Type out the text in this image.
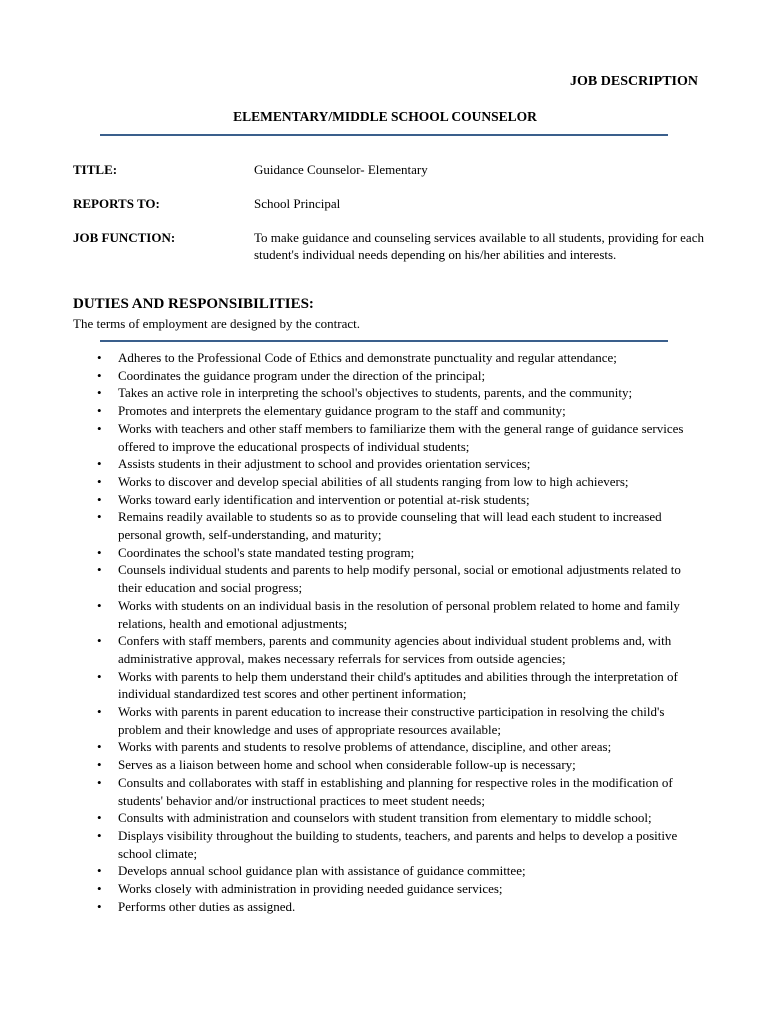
JOB DESCRIPTION
ELEMENTARY/MIDDLE SCHOOL COUNSELOR
TITLE:	Guidance Counselor- Elementary
REPORTS TO:	School Principal
JOB FUNCTION:	To make guidance and counseling services available to all students, providing for each student's individual needs depending on his/her abilities and interests.
DUTIES AND RESPONSIBILITIES:
The terms of employment are designed by the contract.
• Adheres to the Professional Code of Ethics and demonstrate punctuality and regular attendance;
• Coordinates the guidance program under the direction of the principal;
• Takes an active role in interpreting the school's objectives to students, parents, and the community;
• Promotes and interprets the elementary guidance program to the staff and community;
• Works with teachers and other staff members to familiarize them with the general range of guidance services offered to improve the educational prospects of individual students;
• Assists students in their adjustment to school and provides orientation services;
• Works to discover and develop special abilities of all students ranging from low to high achievers;
• Works toward early identification and intervention or potential at-risk students;
• Remains readily available to students so as to provide counseling that will lead each student to increased personal growth, self-understanding, and maturity;
• Coordinates the school's state mandated testing program;
• Counsels individual students and parents to help modify personal, social or emotional adjustments related to their education and social progress;
• Works with students on an individual basis in the resolution of personal problem related to home and family relations, health and emotional adjustments;
• Confers with staff members, parents and community agencies about individual student problems and, with administrative approval, makes necessary referrals for services from outside agencies;
• Works with parents to help them understand their child's aptitudes and abilities through the interpretation of individual standardized test scores and other pertinent information;
• Works with parents in parent education to increase their constructive participation in resolving the child's problem and their knowledge and uses of appropriate resources available;
• Works with parents and students to resolve problems of attendance, discipline, and other areas;
• Serves as a liaison between home and school when considerable follow-up is necessary;
• Consults and collaborates with staff in establishing and planning for respective roles in the modification of students' behavior and/or instructional practices to meet student needs;
• Consults with administration and counselors with student transition from elementary to middle school;
• Displays visibility throughout the building to students, teachers, and parents and helps to develop a positive school climate;
• Develops annual school guidance plan with assistance of guidance committee;
• Works closely with administration in providing needed guidance services;
• Performs other duties as assigned.
